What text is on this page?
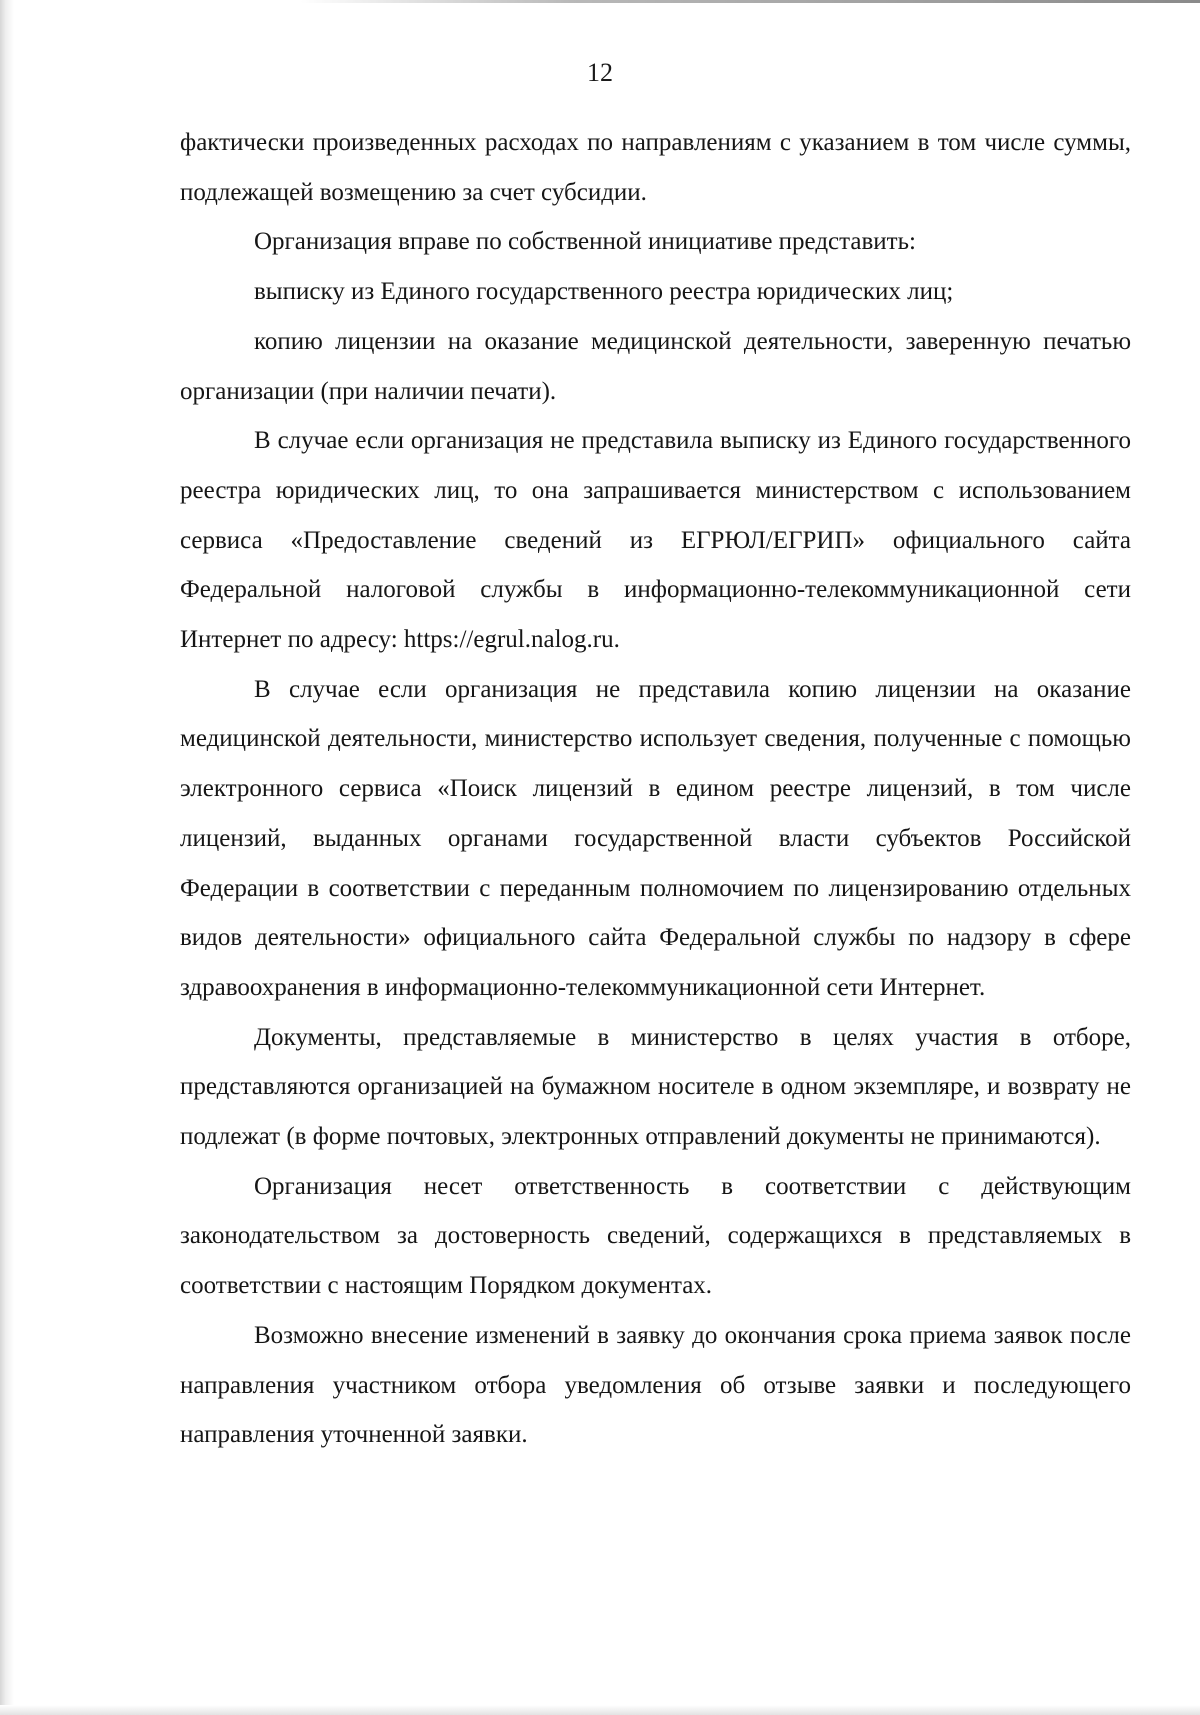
12

фактически произведенных расходах по направлениям с указанием в том числе суммы, подлежащей возмещению за счет субсидии.

Организация вправе по собственной инициативе представить:

выписку из Единого государственного реестра юридических лиц;

копию лицензии на оказание медицинской деятельности, заверенную печатью организации (при наличии печати).

В случае если организация не представила выписку из Единого государственного реестра юридических лиц, то она запрашивается министерством с использованием сервиса «Предоставление сведений из ЕГРЮЛ/ЕГРИП» официального сайта Федеральной налоговой службы в информационно-телекоммуникационной сети Интернет по адресу: https://egrul.nalog.ru.

В случае если организация не представила копию лицензии на оказание медицинской деятельности, министерство использует сведения, полученные с помощью электронного сервиса «Поиск лицензий в едином реестре лицензий, в том числе лицензий, выданных органами государственной власти субъектов Российской Федерации в соответствии с переданным полномочием по лицензированию отдельных видов деятельности» официального сайта Федеральной службы по надзору в сфере здравоохранения в информационно-телекоммуникационной сети Интернет.

Документы, представляемые в министерство в целях участия в отборе, представляются организацией на бумажном носителе в одном экземпляре, и возврату не подлежат (в форме почтовых, электронных отправлений документы не принимаются).

Организация несет ответственность в соответствии с действующим законодательством за достоверность сведений, содержащихся в представляемых в соответствии с настоящим Порядком документах.

Возможно внесение изменений в заявку до окончания срока приема заявок после направления участником отбора уведомления об отзыве заявки и последующего направления уточненной заявки.
